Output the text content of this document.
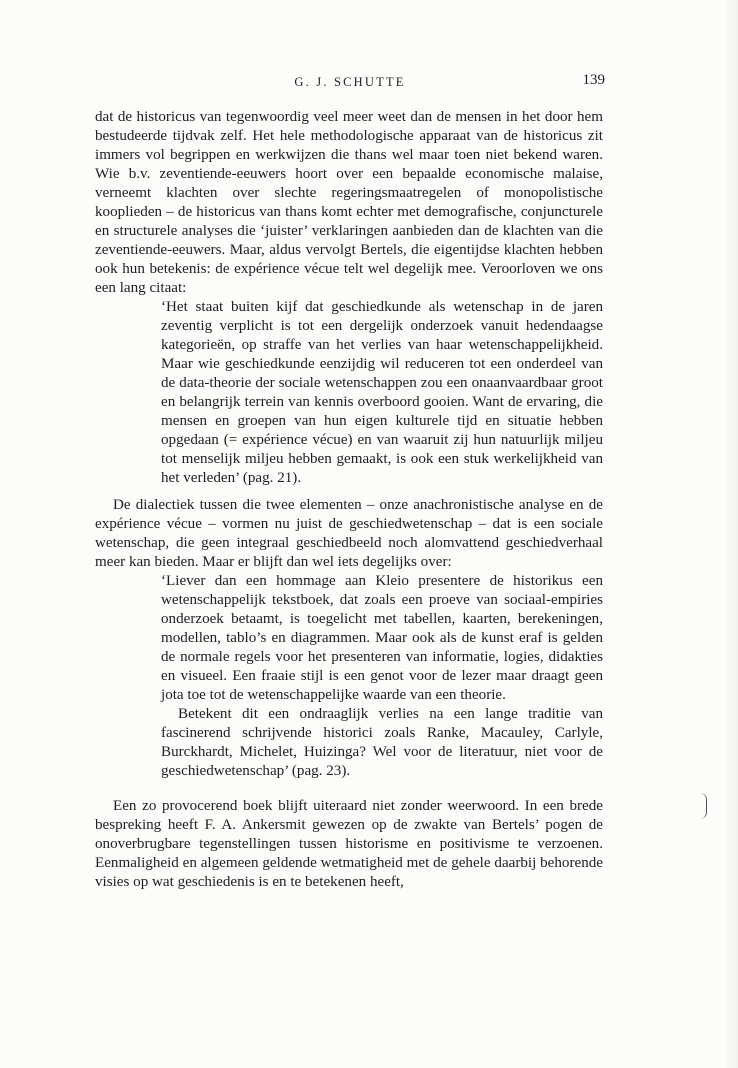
G. J. SCHUTTE	139

dat de historicus van tegenwoordig veel meer weet dan de mensen in het door hem bestudeerde tijdvak zelf. Het hele methodologische apparaat van de historicus zit immers vol begrippen en werkwijzen die thans wel maar toen niet bekend waren. Wie b.v. zeventiende-eeuwers hoort over een bepaalde economische malaise, verneemt klachten over slechte regeringsmaatregelen of monopolistische kooplieden – de historicus van thans komt echter met demografische, conjuncturele en structurele analyses die ‘juister’ verklaringen aanbieden dan de klachten van die zeventiende-eeuwers. Maar, aldus vervolgt Bertels, die eigentijdse klachten hebben ook hun betekenis: de expérience vécue telt wel degelijk mee. Veroorloven we ons een lang citaat:

‘Het staat buiten kijf dat geschiedkunde als wetenschap in de jaren zeventig verplicht is tot een dergelijk onderzoek vanuit hedendaagse kategorieën, op straffe van het verlies van haar wetenschappelijkheid. Maar wie geschiedkunde eenzijdig wil reduceren tot een onderdeel van de data-theorie der sociale wetenschappen zou een onaanvaardbaar groot en belangrijk terrein van kennis overboord gooien. Want de ervaring, die mensen en groepen van hun eigen kulturele tijd en situatie hebben opgedaan (= expérience vécue) en van waaruit zij hun natuurlijk miljeu tot menselijk miljeu hebben gemaakt, is ook een stuk werkelijkheid van het verleden’ (pag. 21).

De dialectiek tussen die twee elementen – onze anachronistische analyse en de expérience vécue – vormen nu juist de geschiedwetenschap – dat is een sociale wetenschap, die geen integraal geschiedbeeld noch alomvattend geschiedverhaal meer kan bieden. Maar er blijft dan wel iets degelijks over:

‘Liever dan een hommage aan Kleio presentere de historikus een wetenschappelijk tekstboek, dat zoals een proeve van sociaal-empiries onderzoek betaamt, is toegelicht met tabellen, kaarten, berekeningen, modellen, tablo’s en diagrammen. Maar ook als de kunst eraf is gelden de normale regels voor het presenteren van informatie, logies, didakties en visueel. Een fraaie stijl is een genot voor de lezer maar draagt geen jota toe tot de wetenschappelijke waarde van een theorie.

Betekent dit een ondraaglijk verlies na een lange traditie van fascinerend schrijvende historici zoals Ranke, Macauley, Carlyle, Burckhardt, Michelet, Huizinga? Wel voor de literatuur, niet voor de geschiedwetenschap’ (pag. 23).

Een zo provocerend boek blijft uiteraard niet zonder weerwoord. In een brede bespreking heeft F. A. Ankersmit gewezen op de zwakte van Bertels’ pogen de onoverbrugbare tegenstellingen tussen historisme en positivisme te verzoenen. Eenmaligheid en algemeen geldende wetmatigheid met de gehele daarbij behorende visies op wat geschiedenis is en te betekenen heeft,
